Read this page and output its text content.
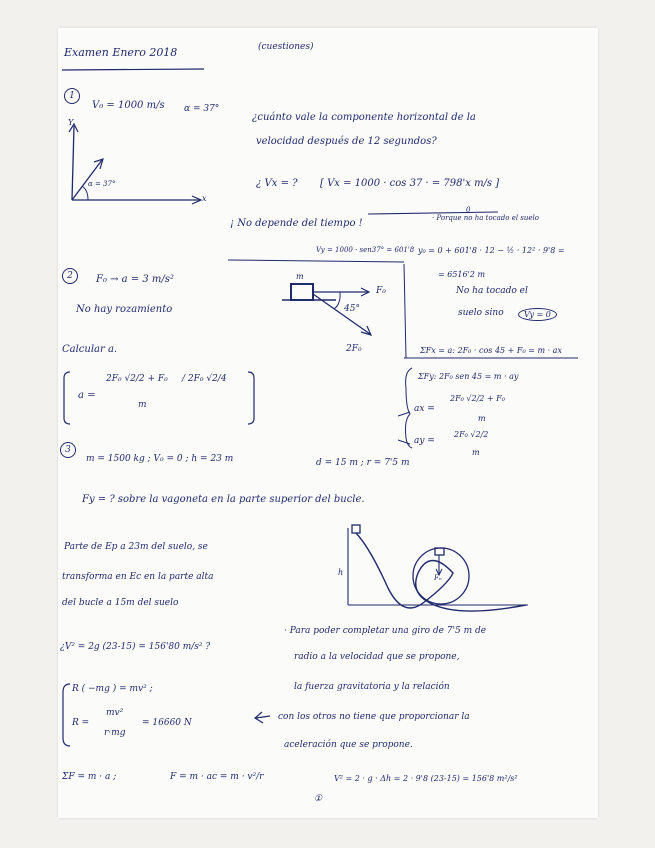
Examen Enero 2018	(cuestiones)
1
V₀ = 1000 m/s α = 37°
Y
x
α = 37°
¿cuánto vale la componente horizontal de la
velocidad después de 12 segundos?
¿ Vx = ? [ Vx = 1000 · cos 37 · = 798'x m/s ]
0
¡ No depende del tiempo !	· Porque no ha tocado el suelo
Vy = 1000 · sen37° = 601'8 y₀ = 0 + 601'8 · 12 − ½ · 12² · 9'8 =
= 6516'2 m
No ha tocado el
suelo sino	Vy = 0
2	F₀ → a = 3 m/s²
No hay rozamiento
Calcular a.
a =
2F₀ √2/2 + F₀
m
/ 2F₀ √2/4
m
F₀
45°
2F₀	ΣFx = a: 2F₀ · cos 45 + F₀ = m · ax
ΣFy: 2F₀ sen 45 = m · ay
ax =
2F₀ √2/2 + F₀
m
ay =
2F₀ √2/2
m
3
m = 1500 kg ; V₀ = 0 ; h = 23 m	d = 15 m ; r = 7'5 m
Fy = ? sobre la vagoneta en la parte superior del bucle.
Parte de Ep a 23m del suelo, se
transforma en Ec en la parte alta
del bucle a 15m del suelo
h
Fₙ
¿V² = 2g (23-15) = 156'80 m/s² ?
R ( −mg ) = mv² ;
R =
mv²
r·mg
= 16660 N
· Para poder completar una giro de 7'5 m de
radio a la velocidad que se propone,
la fuerza gravitatoria y la relación
con los otros no tiene que proporcionar la
aceleración que se propone.
ΣF = m · a ;	F = m · ac = m · v²/r	V² = 2 · g · Δh = 2 · 9'8 (23-15) = 156'8 m²/s²
①
